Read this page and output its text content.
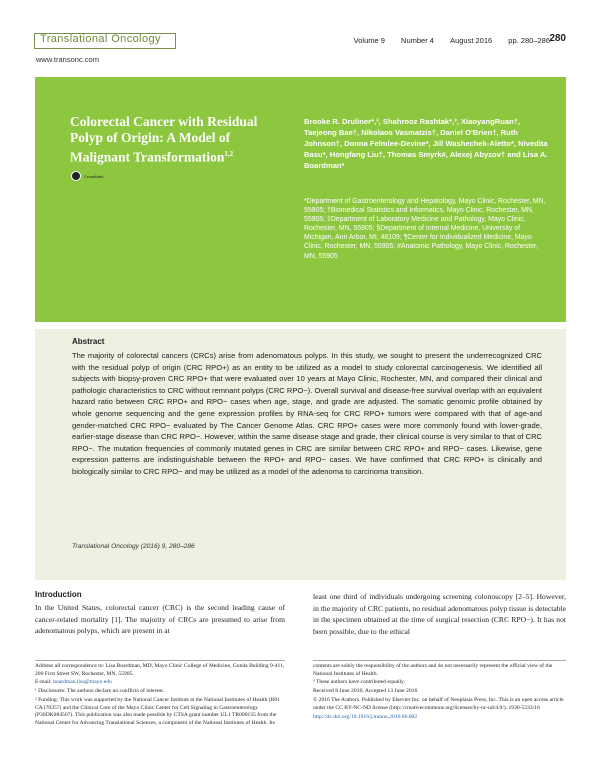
Translational Oncology
www.transonc.com
Volume 9 Number 4 August 2016 pp. 280–286 280
Colorectal Cancer with Residual Polyp of Origin: A Model of Malignant Transformation$^{1,2}$
CrossMark
Brooke R. Druliner*,³, Shahrooz Rashtak*,³, XiaoyangRuan†, Taejeong Bae†, Nikolaos Vasmatzis†, Daniel O'Brien†, Ruth Johnson†, Donna Felmlee-Devine*, Jill Washechek-Aletto*, Nivedita Basu*, Hongfang Liu†, Thomas Smyrk#, Alexej Abyzov† and Lisa A. Boardman*
*Department of Gastroenterology and Hepatology, Mayo Clinic, Rochester, MN, 55905; †Biomedical Statistics and Informatics, Mayo Clinic, Rochester, MN, 55905; ‡Department of Laboratory Medicine and Pathology, Mayo Clinic, Rochester, MN, 55905; §Department of Internal Medicine, University of Michigan, Ann Arbor, MI, 48109; ¶Center for Individualized Medicine, Mayo Clinic, Rochester, MN, 55905; #Anatomic Pathology, Mayo Clinic, Rochester, MN, 55905
Abstract
The majority of colorectal cancers (CRCs) arise from adenomatous polyps. In this study, we sought to present the underrecognized CRC with the residual polyp of origin (CRC RPO+) as an entity to be utilized as a model to study colorectal carcinogenesis. We identified all subjects with biopsy-proven CRC RPO+ that were evaluated over 10 years at Mayo Clinic, Rochester, MN, and compared their clinical and pathologic characteristics to CRC without remnant polyps (CRC RPO−). Overall survival and disease-free survival overlap with an equivalent hazard ratio between CRC RPO+ and RPO− cases when age, stage, and grade are adjusted. The somatic genomic profile obtained by whole genome sequencing and the gene expression profiles by RNA-seq for CRC RPO+ tumors were compared with that of age-and gender-matched CRC RPO− evaluated by The Cancer Genome Atlas. CRC RPO+ cases were more commonly found with lower-grade, earlier-stage disease than CRC RPO−. However, within the same disease stage and grade, their clinical course is very similar to that of CRC RPO−. The mutation frequencies of commonly mutated genes in CRC are similar between CRC RPO+ and RPO− cases. Likewise, gene expression patterns are indistinguishable between the RPO+ and RPO− cases. We have confirmed that CRC RPO+ is clinically and biologically similar to CRC RPO− and may be utilized as a model of the adenoma to carcinoma transition.
Translational Oncology (2016) 9, 280–286
Introduction
In the United States, colorectal cancer (CRC) is the second leading cause of cancer-related mortality [1]. The majority of CRCs are presumed to arise from adenomatous polyps, which are present in at
least one third of individuals undergoing screening colonoscopy [2–5]. However, in the majority of CRC patients, no residual adenomatous polyp tissue is detectable in the specimen obtained at the time of surgical resection (CRC RPO−). It has not been possible, due to the ethical

Address all correspondence to: Lisa Boardman, MD, Mayo Clinic College of Medicine, Gonda Building 9-411, 200 First Street SW, Rochester, MN, 55905.

E-mail: boardman.lisa@mayo.edu

¹ Disclosures: The authors declare no conflicts of interest.

² Funding: This work was supported by the National Cancer Institute at the National Institutes of Health (R01 CA170357) and the Clinical Core of the Mayo Clinic Center for Cell Signaling in Gastroenterology (P30DK084567). This publication was also made possible by CTSA grant number UL1 TR000135 from the National Center for Advancing Translational Sciences, a component of the National Institutes of Health. Its

contents are solely the responsibility of the authors and do not necessarily represent the official view of the National Institutes of Health.

³ These authors have contributed equally.

Received 8 June 2016; Accepted 13 June 2016

© 2016 The Authors. Published by Elsevier Inc. on behalf of Neoplasia Press, Inc. This is an open access article under the CC BY-NC-ND license (http://creativecommons.org/licenses/by-nc-nd/4.0/). 1936-5233/16

http://dx.doi.org/10.1016/j.tranon.2016.06.002
